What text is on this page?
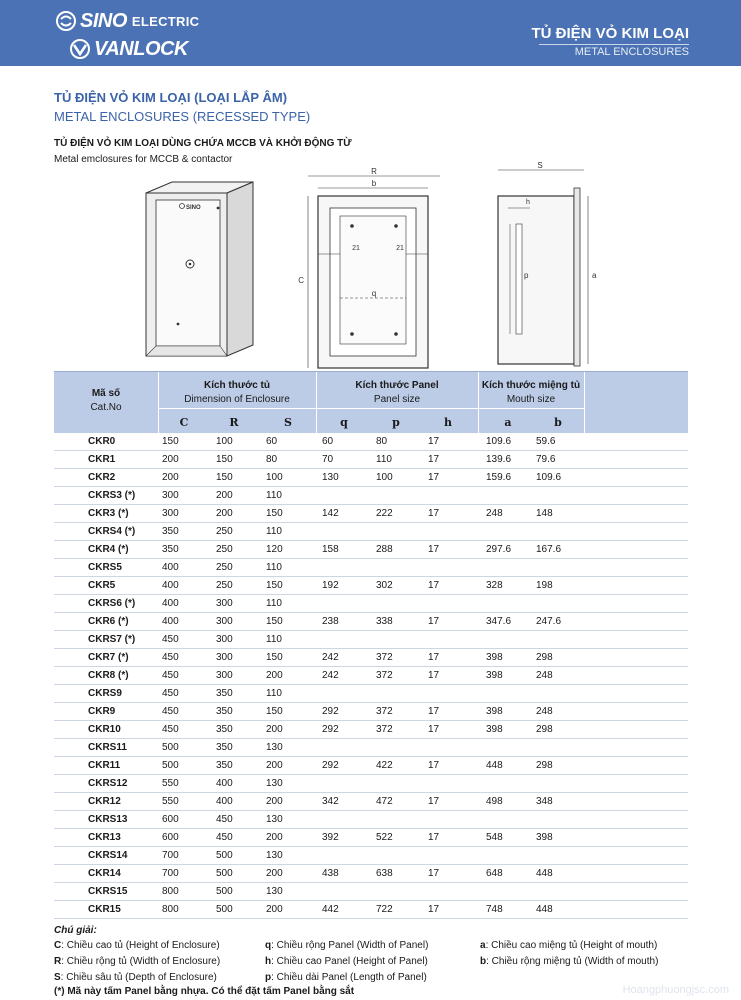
SINO ELECTRIC
VANLOCK
TỦ ĐIỆN VỎ KIM LOẠI
METAL ENCLOSURES
TỦ ĐIỆN VỎ KIM LOẠI (LOẠI LẮP ÂM)
METAL ENCLOSURES (RECESSED TYPE)
TỦ ĐIỆN VỎ KIM LOẠI DÙNG CHỨA MCCB VÀ KHỞI ĐỘNG TỪ
Metal emclosures for MCCB & contactor
SINO
R
b
C
21	21
q
S
h
p	a
Mã số
Cat.No
Kích thước tủ
Dimension of Enclosure
Kích thước Panel
Panel size
Kích thước miệng tủ
Mouth size
C	R	S	q	p	h	a	b
CKR0	150	100	60	60	80	17	109.6 59.6
CKR1	200	150	80	70	110	17	139.6 79.6
CKR2	200	150	100	130	100	17	159.6 109.6
CKRS3 (*)	300	200	110
CKR3 (*)	300	200	150	142	222	17	248	148
CKRS4 (*)	350	250	110
CKR4 (*)	350	250	120	158	288	17	297.6 167.6
CKRS5	400	250	110
CKR5	400	250	150	192	302	17	328	198
CKRS6 (*)	400	300	110
CKR6 (*)	400	300	150	238	338	17	347.6 247.6
CKRS7 (*)	450	300	110
CKR7 (*)	450	300	150	242	372	17	398	298
CKR8 (*)	450	300	200	242	372	17	398	248
CKRS9	450	350	110
CKR9	450	350	150	292	372	17	398	248
CKR10	450	350	200	292	372	17	398	298
CKRS11	500	350	130
CKR11	500	350	200	292	422	17	448	298
CKRS12	550	400	130
CKR12	550	400	200	342	472	17	498	348
CKRS13	600	450	130
CKR13	600	450	200	392	522	17	548	398
CKRS14	700	500	130
CKR14	700	500	200	438	638	17	648	448
CKRS15	800	500	130
CKR15	800	500	200	442	722	17	748	448
Chú giải:
C: Chiều cao tủ (Height of Enclosure)
R: Chiều rộng tủ (Width of Enclosure)
S: Chiều sâu tủ (Depth of Enclosure)
q: Chiều rộng Panel (Width of Panel)
h: Chiều cao Panel (Height of Panel)
p: Chiều dài Panel (Length of Panel)
a: Chiều cao miệng tủ (Height of mouth)
b: Chiều rộng miệng tủ (Width of mouth)
(*) Mã này tấm Panel bằng nhựa. Có thể đặt tấm Panel bằng sắt	Hoangphuongjsc.com
